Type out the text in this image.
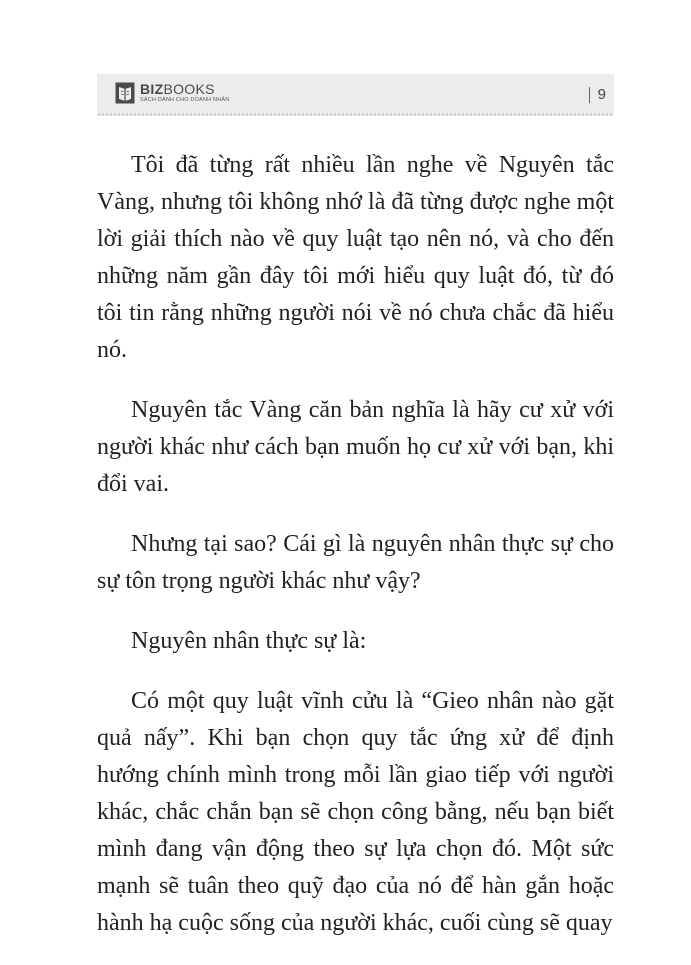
BIZBOOKS
SÁCH DÀNH CHO DOANH NHÂN	9

Tôi đã từng rất nhiều lần nghe về Nguyên tắc Vàng, nhưng tôi không nhớ là đã từng được nghe một lời giải thích nào về quy luật tạo nên nó, và cho đến những năm gần đây tôi mới hiểu quy luật đó, từ đó tôi tin rằng những người nói về nó chưa chắc đã hiểu nó.

Nguyên tắc Vàng căn bản nghĩa là hãy cư xử với người khác như cách bạn muốn họ cư xử với bạn, khi đổi vai.

Nhưng tại sao? Cái gì là nguyên nhân thực sự cho sự tôn trọng người khác như vậy?

Nguyên nhân thực sự là:

Có một quy luật vĩnh cửu là “Gieo nhân nào gặt quả nấy”. Khi bạn chọn quy tắc ứng xử để định hướng chính mình trong mỗi lần giao tiếp với người khác, chắc chắn bạn sẽ chọn công bằng, nếu bạn biết mình đang vận động theo sự lựa chọn đó. Một sức mạnh sẽ tuân theo quỹ đạo của nó để hàn gắn hoặc hành hạ cuộc sống của người khác, cuối cùng sẽ quay
